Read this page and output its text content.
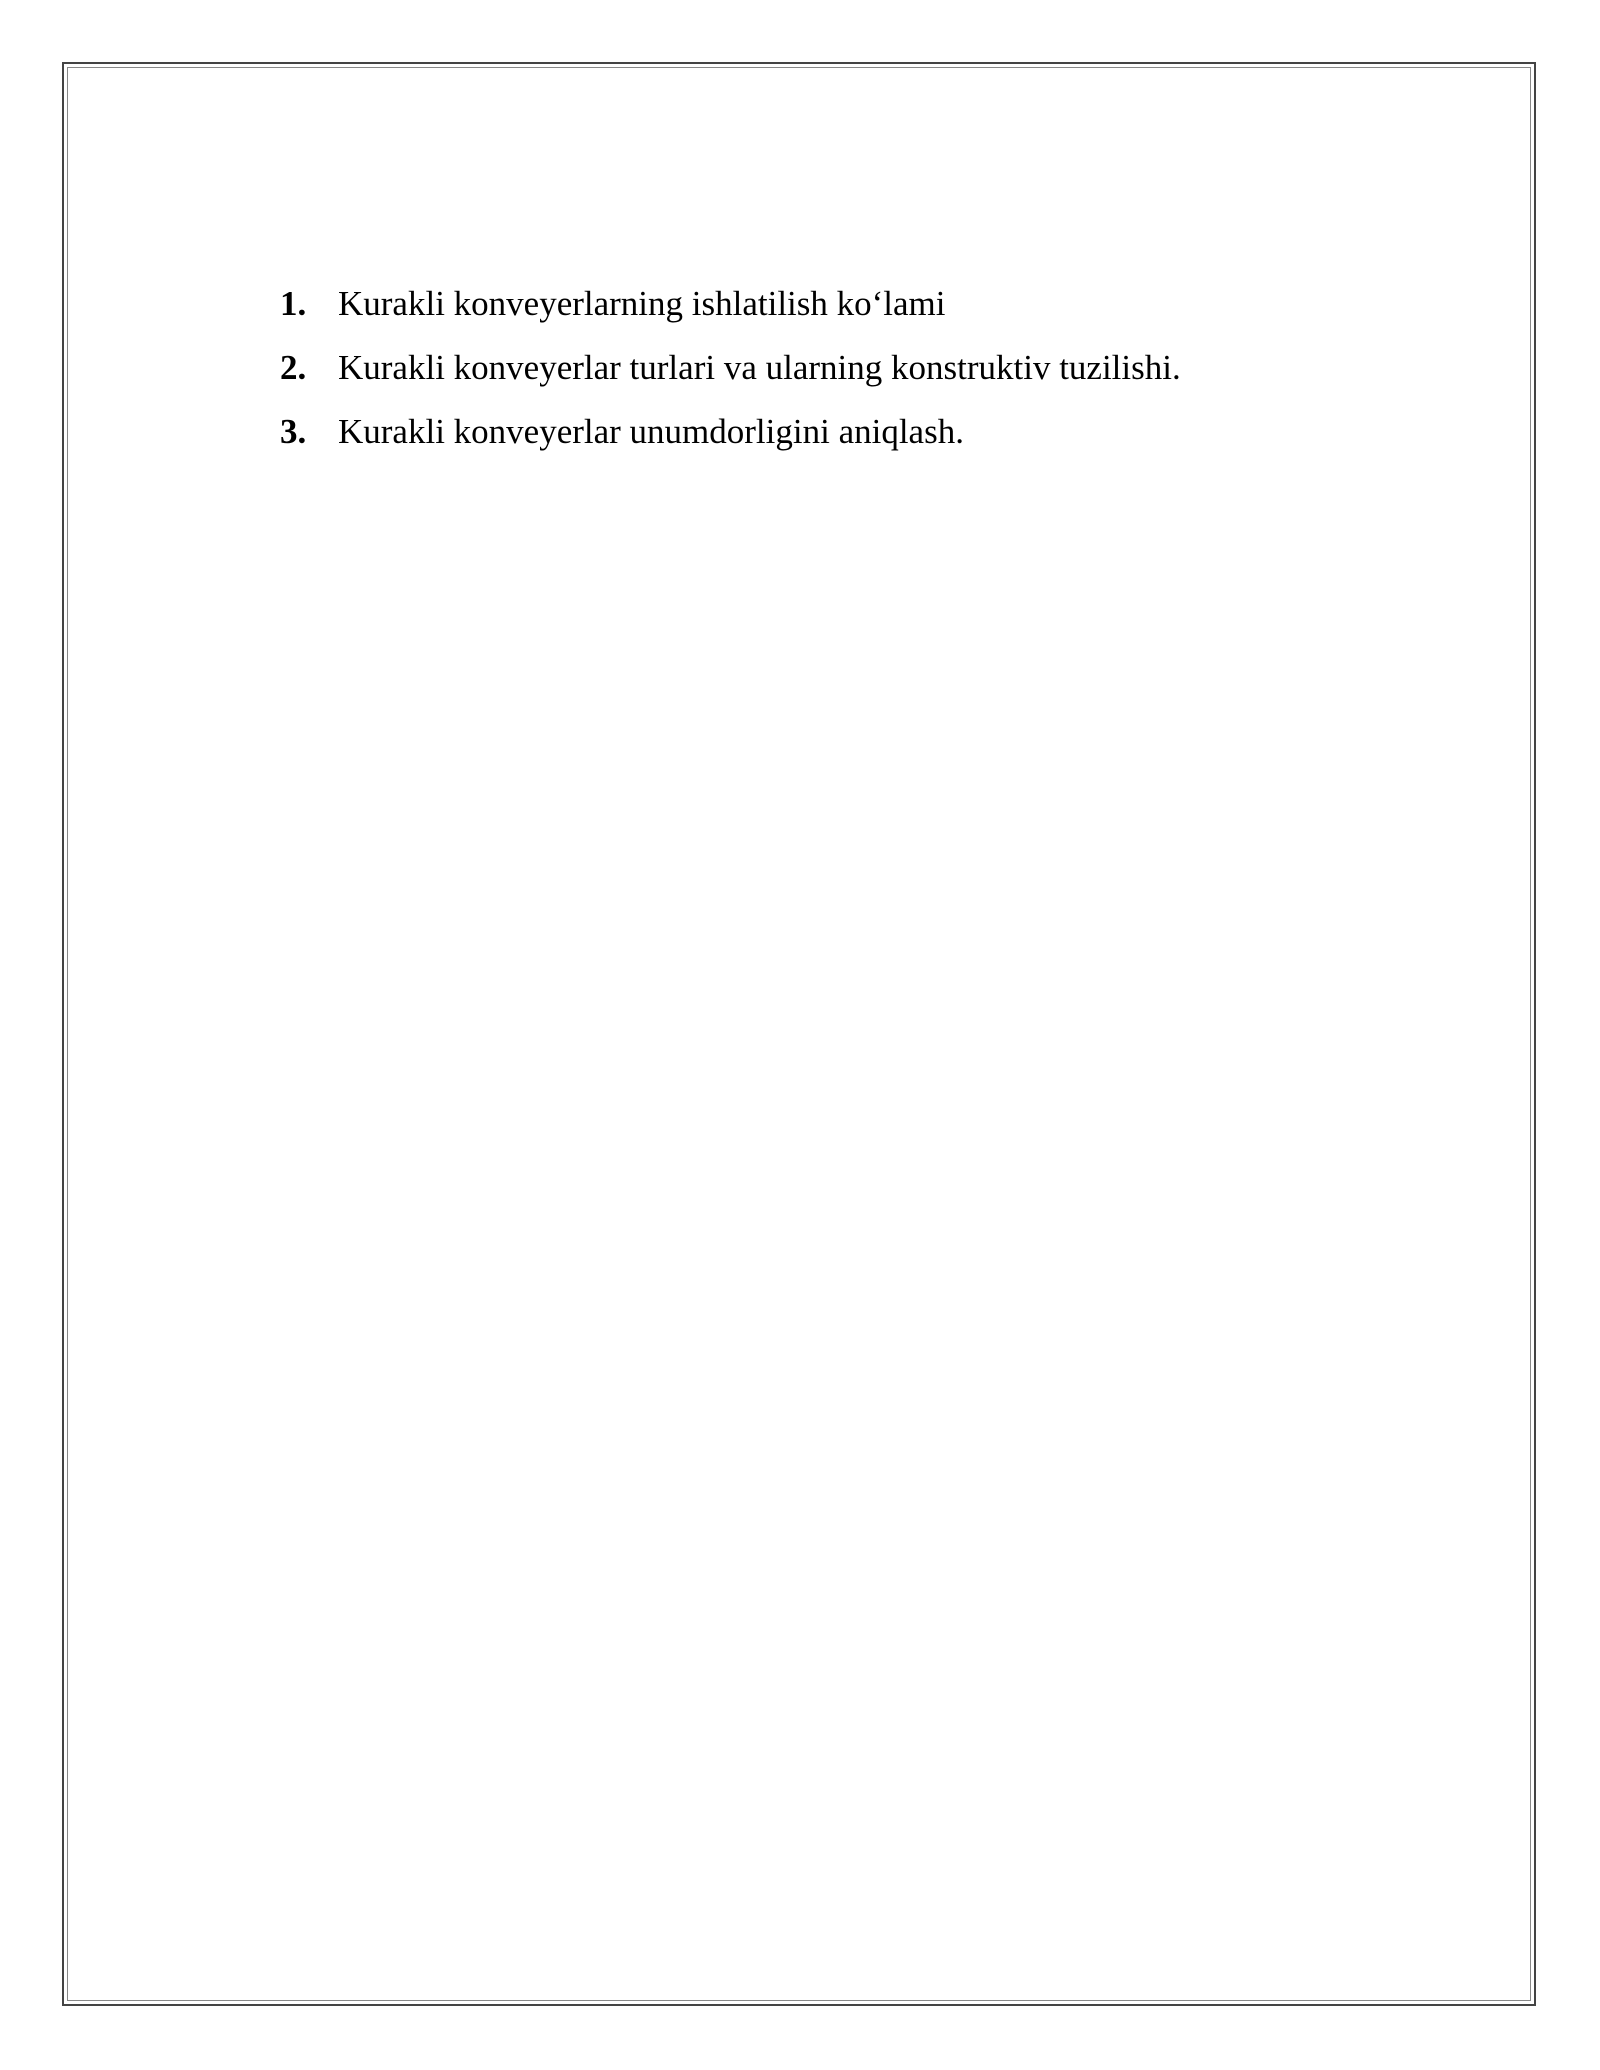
1. Kurakli konveyerlarning ishlatilish ko‘lami
2. Kurakli konveyerlar turlari va ularning konstruktiv tuzilishi.
3. Kurakli konveyerlar unumdorligini aniqlash.
